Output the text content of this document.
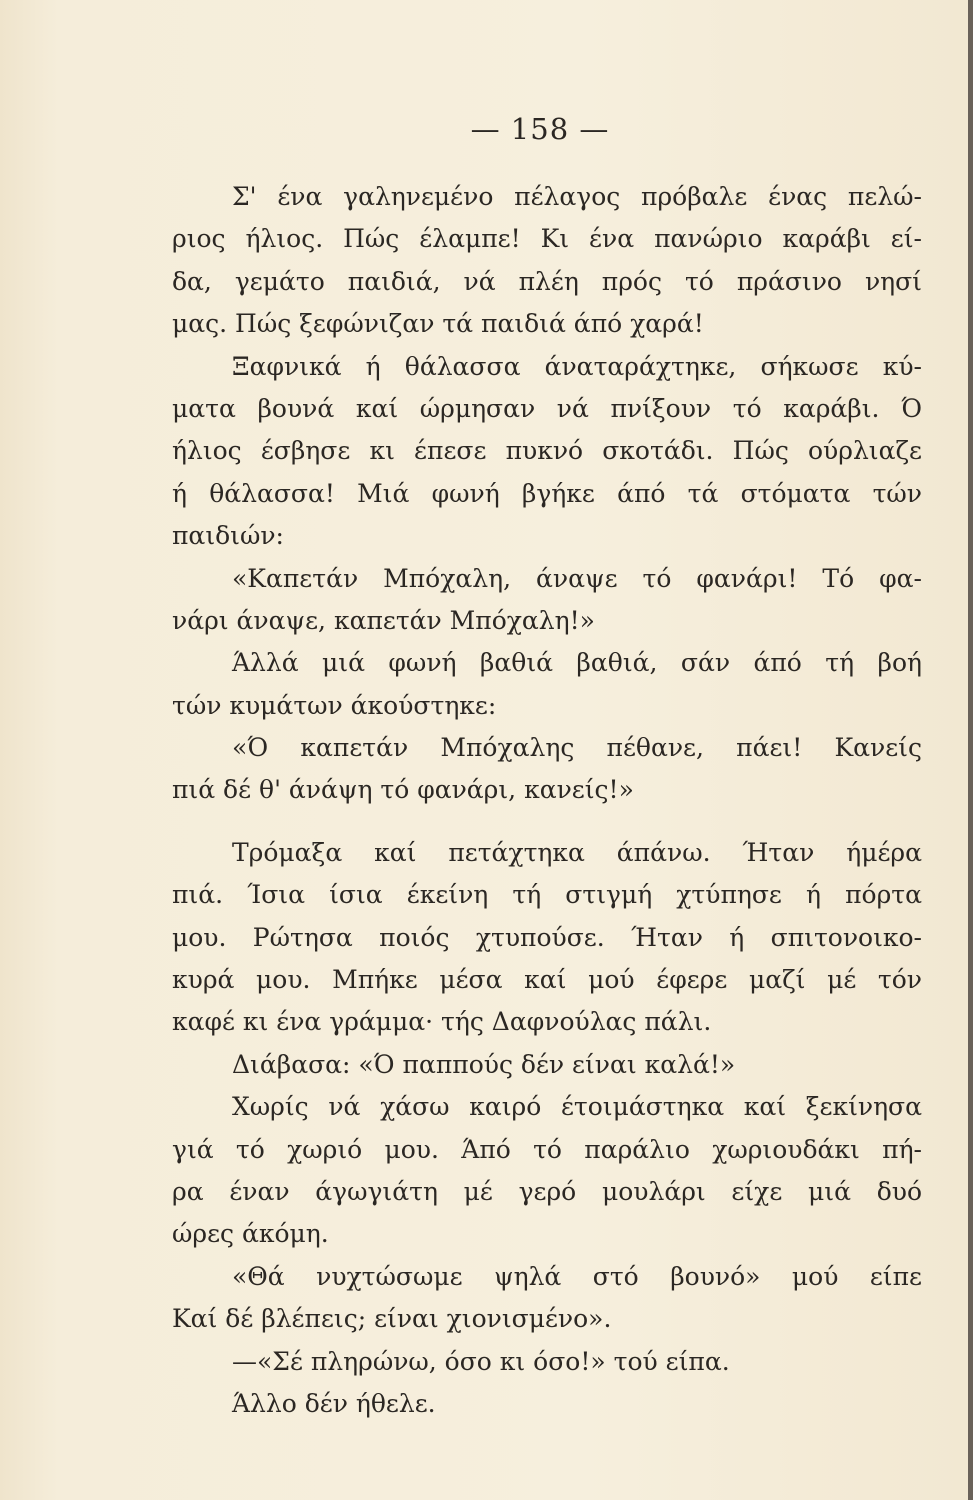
— 158 —
Σ' ένα γαληνεμένο πέλαγος πρόβαλε ένας πελώ-
ριος ήλιος. Πώς έλαμπε! Κι ένα πανώριο καράβι εί-
δα, γεμάτο παιδιά, νά πλέη πρός τό πράσινο νησί
μας. Πώς ξεφώνιζαν τά παιδιά άπό χαρά!
Ξαφνικά ή θάλασσα άναταράχτηκε, σήκωσε κύ-
ματα βουνά καί ώρμησαν νά πνίξουν τό καράβι. Ό
ήλιος έσβησε κι έπεσε πυκνό σκοτάδι. Πώς ούρλιαζε
ή θάλασσα! Μιά φωνή βγήκε άπό τά στόματα τών
παιδιών:
«Καπετάν Μπόχαλη, άναψε τό φανάρι! Τό φα-
νάρι άναψε, καπετάν Μπόχαλη!»
Άλλά μιά φωνή βαθιά βαθιά, σάν άπό τή βοή
τών κυμάτων άκούστηκε:
«Ό καπετάν Μπόχαλης πέθανε, πάει! Κανείς
πιά δέ θ' άνάψη τό φανάρι, κανείς!»
Τρόμαξα καί πετάχτηκα άπάνω. Ήταν ήμέρα
πιά. Ίσια ίσια έκείνη τή στιγμή χτύπησε ή πόρτα
μου. Ρώτησα ποιός χτυπούσε. Ήταν ή σπιτονοικο-
κυρά μου. Μπήκε μέσα καί μού έφερε μαζί μέ τόν
καφέ κι ένα γράμμα· τής Δαφνούλας πάλι.
Διάβασα: «Ό παππούς δέν είναι καλά!»
Χωρίς νά χάσω καιρό έτοιμάστηκα καί ξεκίνησα
γιά τό χωριό μου. Άπό τό παράλιο χωριουδάκι πή-
ρα έναν άγωγιάτη μέ γερό μουλάρι είχε μιά δυό
ώρες άκόμη.
«Θά νυχτώσωμε ψηλά στό βουνό» μού είπε
Καί δέ βλέπεις; είναι χιονισμένο».
—«Σέ πληρώνω, όσο κι όσο!» τού είπα.
Άλλο δέν ήθελε.
